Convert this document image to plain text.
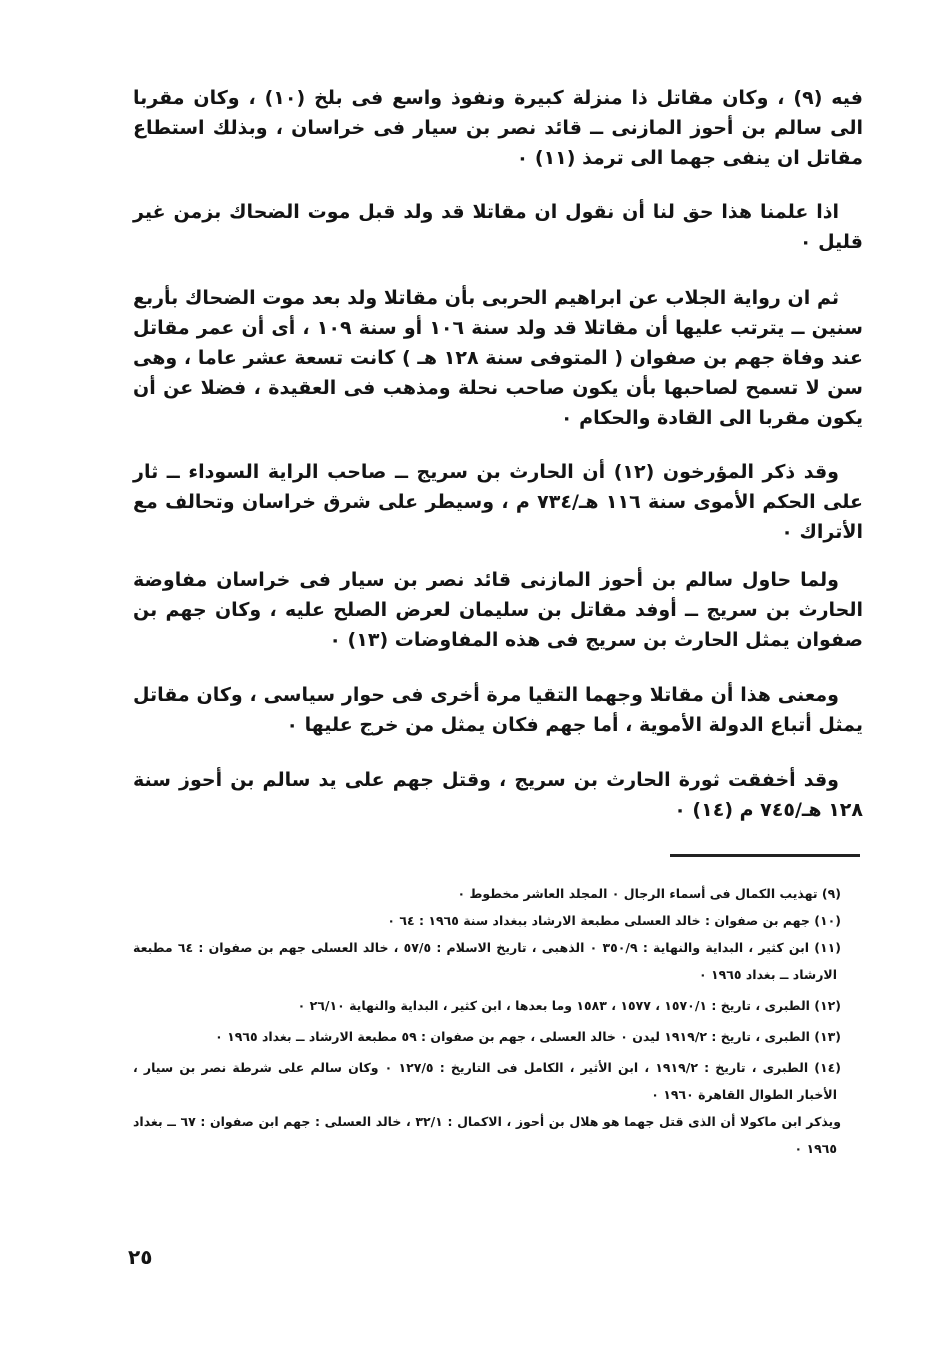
فيه (٩) ، وكان مقاتل ذا منزلة كبيرة ونفوذ واسع فى بلخ (١٠) ، وكان مقربا الى سالم بن أحوز المازنى ــ قائد نصر بن سيار فى خراسان ، وبذلك استطاع مقاتل ان ينفى جهما الى ترمذ (١١) ٠

اذا علمنا هذا حق لنا أن نقول ان مقاتلا قد ولد قبل موت الضحاك بزمن غير قليل ٠

ثم ان رواية الجلاب عن ابراهيم الحربى بأن مقاتلا ولد بعد موت الضحاك بأربع سنين ــ يترتب عليها أن مقاتلا قد ولد سنة ١٠٦ أو سنة ١٠٩ ، أى أن عمر مقاتل عند وفاة جهم بن صفوان ( المتوفى سنة ١٢٨ هـ ) كانت تسعة عشر عاما ، وهى سن لا تسمح لصاحبها بأن يكون صاحب نحلة ومذهب فى العقيدة ، فضلا عن أن يكون مقربا الى القادة والحكام ٠

وقد ذكر المؤرخون (١٢) أن الحارث بن سريج ــ صاحب الراية السوداء ــ ثار على الحكم الأموى سنة ١١٦ هـ/٧٣٤ م ، وسيطر على شرق خراسان وتحالف مع الأتراك ٠

ولما حاول سالم بن أحوز المازنى قائد نصر بن سيار فى خراسان مفاوضة الحارث بن سريج ــ أوفد مقاتل بن سليمان لعرض الصلح عليه ، وكان جهم بن صفوان يمثل الحارث بن سريج فى هذه المفاوضات (١٣) ٠

ومعنى هذا أن مقاتلا وجهما التقيا مرة أخرى فى حوار سياسى ، وكان مقاتل يمثل أتباع الدولة الأموية ، أما جهم فكان يمثل من خرج عليها ٠

وقد أخفقت ثورة الحارث بن سريج ، وقتل جهم على يد سالم بن أحوز سنة ١٢٨ هـ/٧٤٥ م (١٤) ٠

(٩) تهذيب الكمال فى أسماء الرجال ٠ المجلد العاشر مخطوط ٠

(١٠) جهم بن صفوان : خالد العسلى مطبعة الارشاد ببغداد سنة ١٩٦٥ : ٦٤ ٠

(١١) ابن كثير ، البداية والنهاية : ٣٥٠/٩ ٠ الذهبى ، تاريخ الاسلام : ٥٧/٥ ، خالد العسلى جهم بن صفوان : ٦٤ مطبعة الارشاد ــ بغداد ١٩٦٥ ٠

(١٢) الطبرى ، تاريخ : ١٥٧٠/١ ، ١٥٧٧ ، ١٥٨٣ وما بعدها ، ابن كثير ، البداية والنهاية ٢٦/١٠ ٠

(١٣) الطبرى ، تاريخ : ١٩١٩/٢ ليدن ٠ خالد العسلى ، جهم بن صفوان : ٥٩ مطبعة الارشاد ــ بغداد ١٩٦٥ ٠

(١٤) الطبرى ، تاريخ : ١٩١٩/٢ ، ابن الأثير ، الكامل فى التاريخ : ١٢٧/٥ ٠ وكان سالم على شرطة نصر بن سيار ، الأخبار الطوال القاهرة ١٩٦٠ ٠

ويذكر ابن ماكولا أن الذى قتل جهما هو هلال بن أحوز ، الاكمال : ٣٢/١ ، خالد العسلى : جهم ابن صفوان : ٦٧ ــ بغداد ١٩٦٥ ٠

٢٥
